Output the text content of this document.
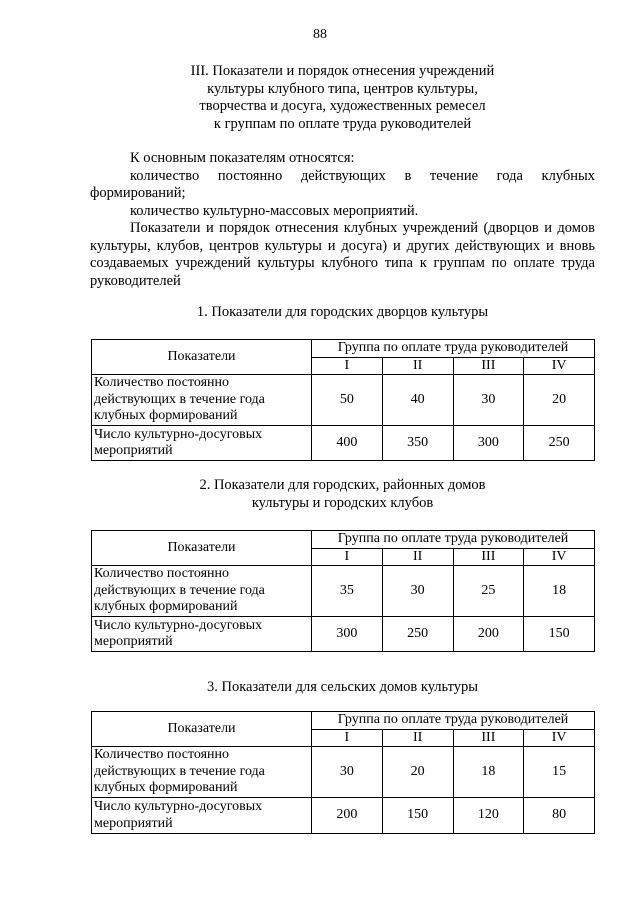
88
III. Показатели и порядок отнесения учреждений
культуры клубного типа, центров культуры,
творчества и досуга, художественных ремесел
к группам по оплате труда руководителей

К основным показателям относятся:

количество постоянно действующих в течение года клубных формирований;

количество культурно-массовых мероприятий.

Показатели и порядок отнесения клубных учреждений (дворцов и домов культуры, клубов, центров культуры и досуга) и других действующих и вновь создаваемых учреждений культуры клубного типа к группам по оплате труда руководителей

1. Показатели для городских дворцов культуры
Показатели	Группа по оплате труда руководителей			
	I	II	III	IV
Количество постоянно действующих в течение года клубных формирований	50	40	30	20
Число культурно-досуговых мероприятий	400	350	300	250
2. Показатели для городских, районных домов
культуры и городских клубов
Показатели	Группа по оплате труда руководителей			
	I	II	III	IV
Количество постоянно действующих в течение года клубных формирований	35	30	25	18
Число культурно-досуговых мероприятий	300	250	200	150
3. Показатели для сельских домов культуры
Показатели	Группа по оплате труда руководителей			
	I	II	III	IV
Количество постоянно действующих в течение года клубных формирований	30	20	18	15
Число культурно-досуговых мероприятий	200	150	120	80
